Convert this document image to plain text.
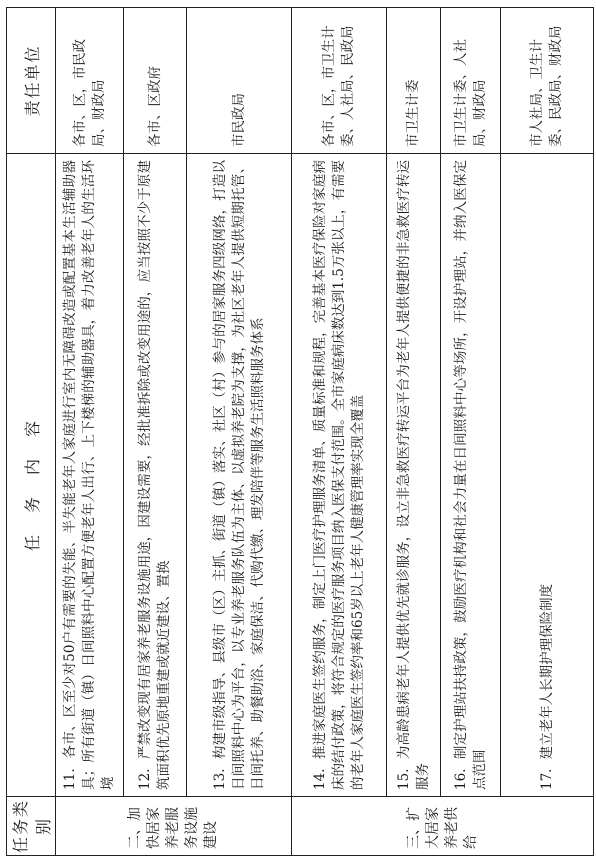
任务类别	任务内容	责任单位
二、加快居家养老服务设施建设	11．各市、区至少对50户有需要的失能、半失能老年人家庭进行室内无障碍改造或配置基本生活辅助器具；所有街道（镇）日间照料中心配置方便老年人出行、上下楼梯的辅助器具，着力改善老年人的生活环境	各市、区，市民政局、财政局
	12．严禁改变现有居家养老服务设施用途，因建设需要，经批准拆除或改变用途的，应当按照不少于原建筑面积优先原地重建或就近建设、置换	各市、区政府
	13．构建市级指导、县级市（区）主抓、街道（镇）落实、社区（村）参与的居家服务四级网络，打造以日间照料中心为平台，以专业养老服务队伍为主体、以虚拟养老院为支撑，为社区老年人提供短期托管、日间托养、助餐助浴、家庭保洁、代购代缴、理发陪伴等服务生活照料服务体系	市民政局
三、扩大居家养老供给	14．推进家庭医生签约服务，制定上门医疗护理服务清单、质量标准和规程，完善基本医疗保险对家庭病床的结付政策，将符合规定的医疗服务项目纳入医保支付范围。全市家庭病床数达到1.5万张以上，有需要的老年人家庭医生签约率和65岁以上老年人健康管理率实现全覆盖	各市、区，市卫生计委、人社局、民政局
	15．为高龄患病老年人提供优先就诊服务，设立非急救医疗转运平台为老年人提供便捷的非急救医疗转运服务	市卫生计委
	16．制定护理站扶持政策，鼓励医疗机构和社会力量在日间照料中心等场所，开设护理站，并纳入医保定点范围	市卫生计委、人社局、财政局
	17．建立老年人长期护理保险制度	市人社局、卫生计委、民政局、财政局
